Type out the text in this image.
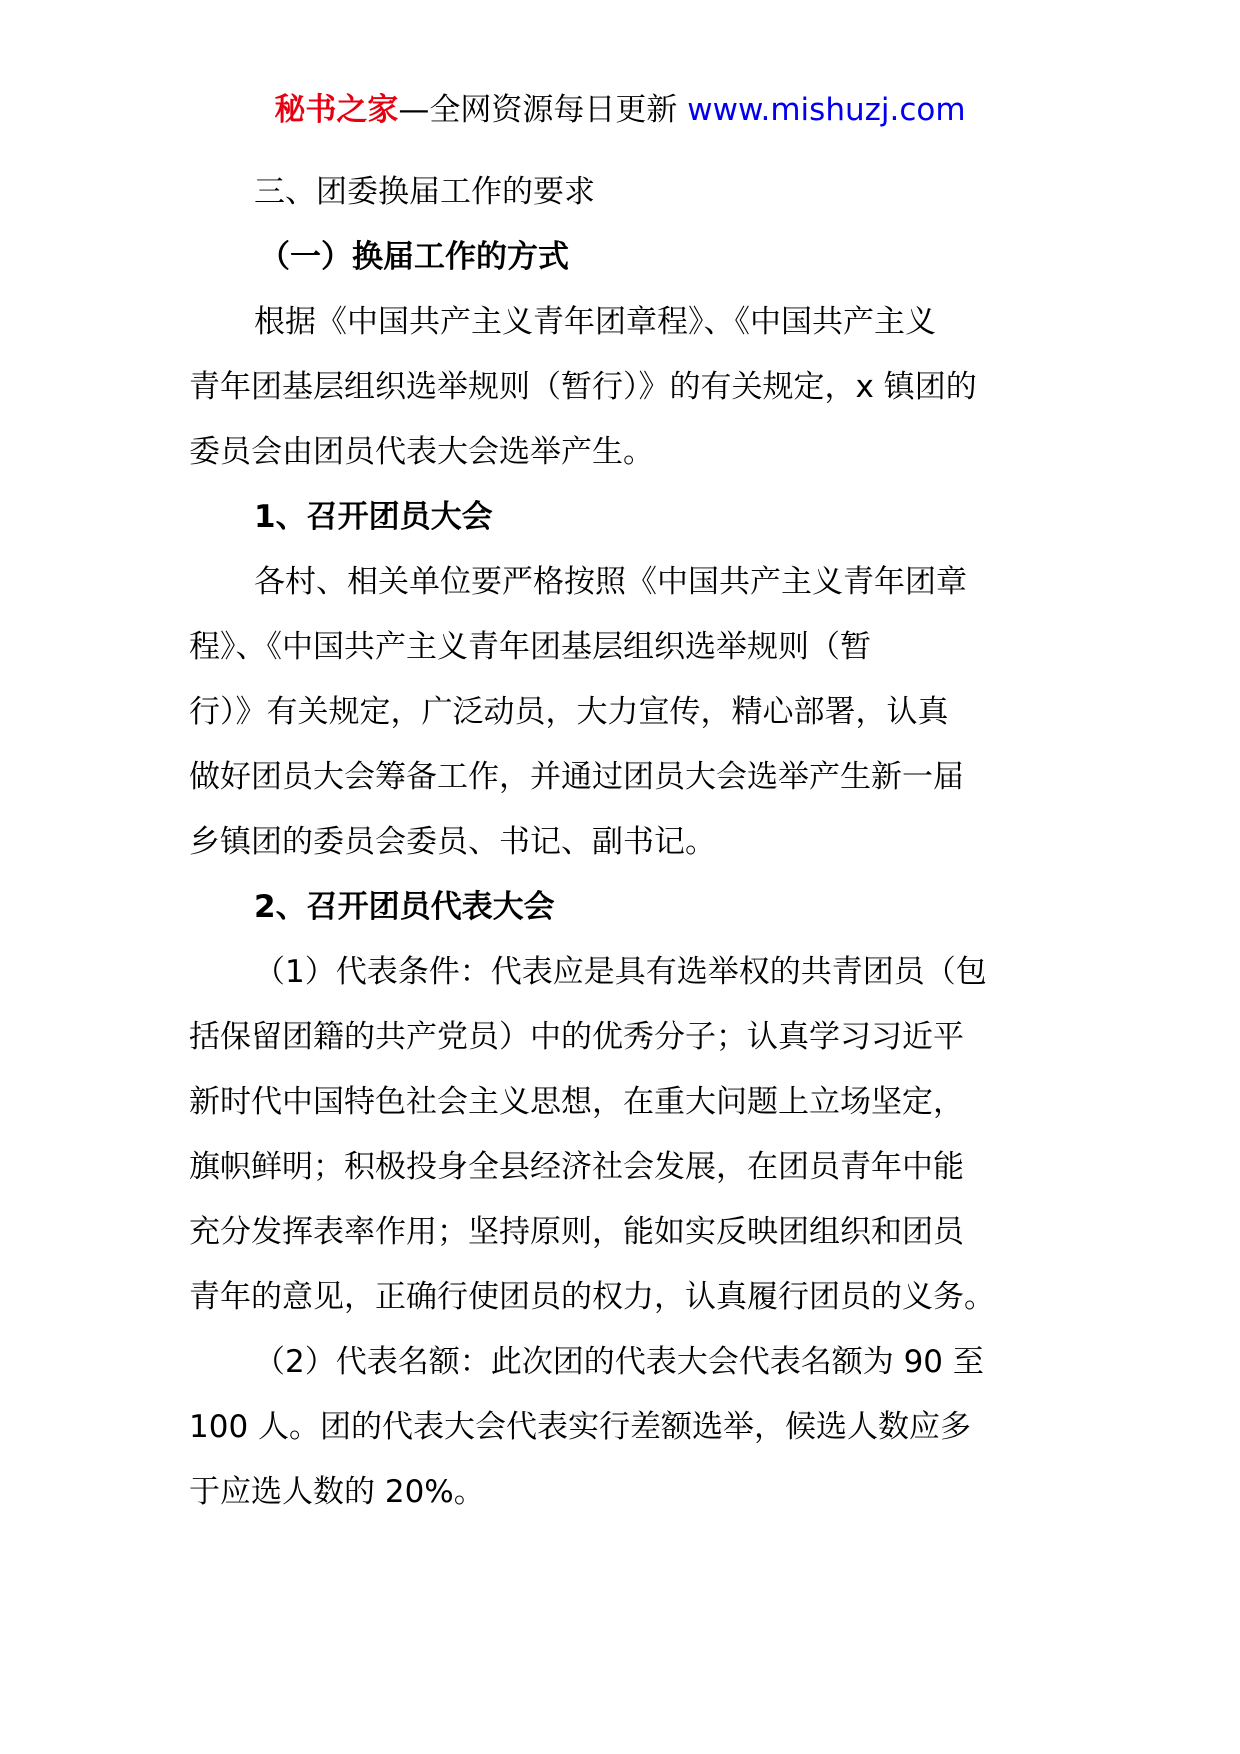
秘书之家—全网资源每日更新 www.mishuzj.com
三、团委换届工作的要求
（一）换届工作的方式
根据《中国共产主义青年团章程》、《中国共产主义
青年团基层组织选举规则（暂行）》的有关规定，x 镇团的
委员会由团员代表大会选举产生。
1、召开团员大会
各村、相关单位要严格按照《中国共产主义青年团章
程》、《中国共产主义青年团基层组织选举规则（暂
行）》有关规定，广泛动员，大力宣传，精心部署，认真
做好团员大会筹备工作，并通过团员大会选举产生新一届
乡镇团的委员会委员、书记、副书记。
2、召开团员代表大会
（1）代表条件：代表应是具有选举权的共青团员（包
括保留团籍的共产党员）中的优秀分子；认真学习习近平
新时代中国特色社会主义思想，在重大问题上立场坚定，
旗帜鲜明；积极投身全县经济社会发展，在团员青年中能
充分发挥表率作用；坚持原则，能如实反映团组织和团员
青年的意见，正确行使团员的权力，认真履行团员的义务。
（2）代表名额：此次团的代表大会代表名额为 90 至
100 人。团的代表大会代表实行差额选举，候选人数应多
于应选人数的 20%。
